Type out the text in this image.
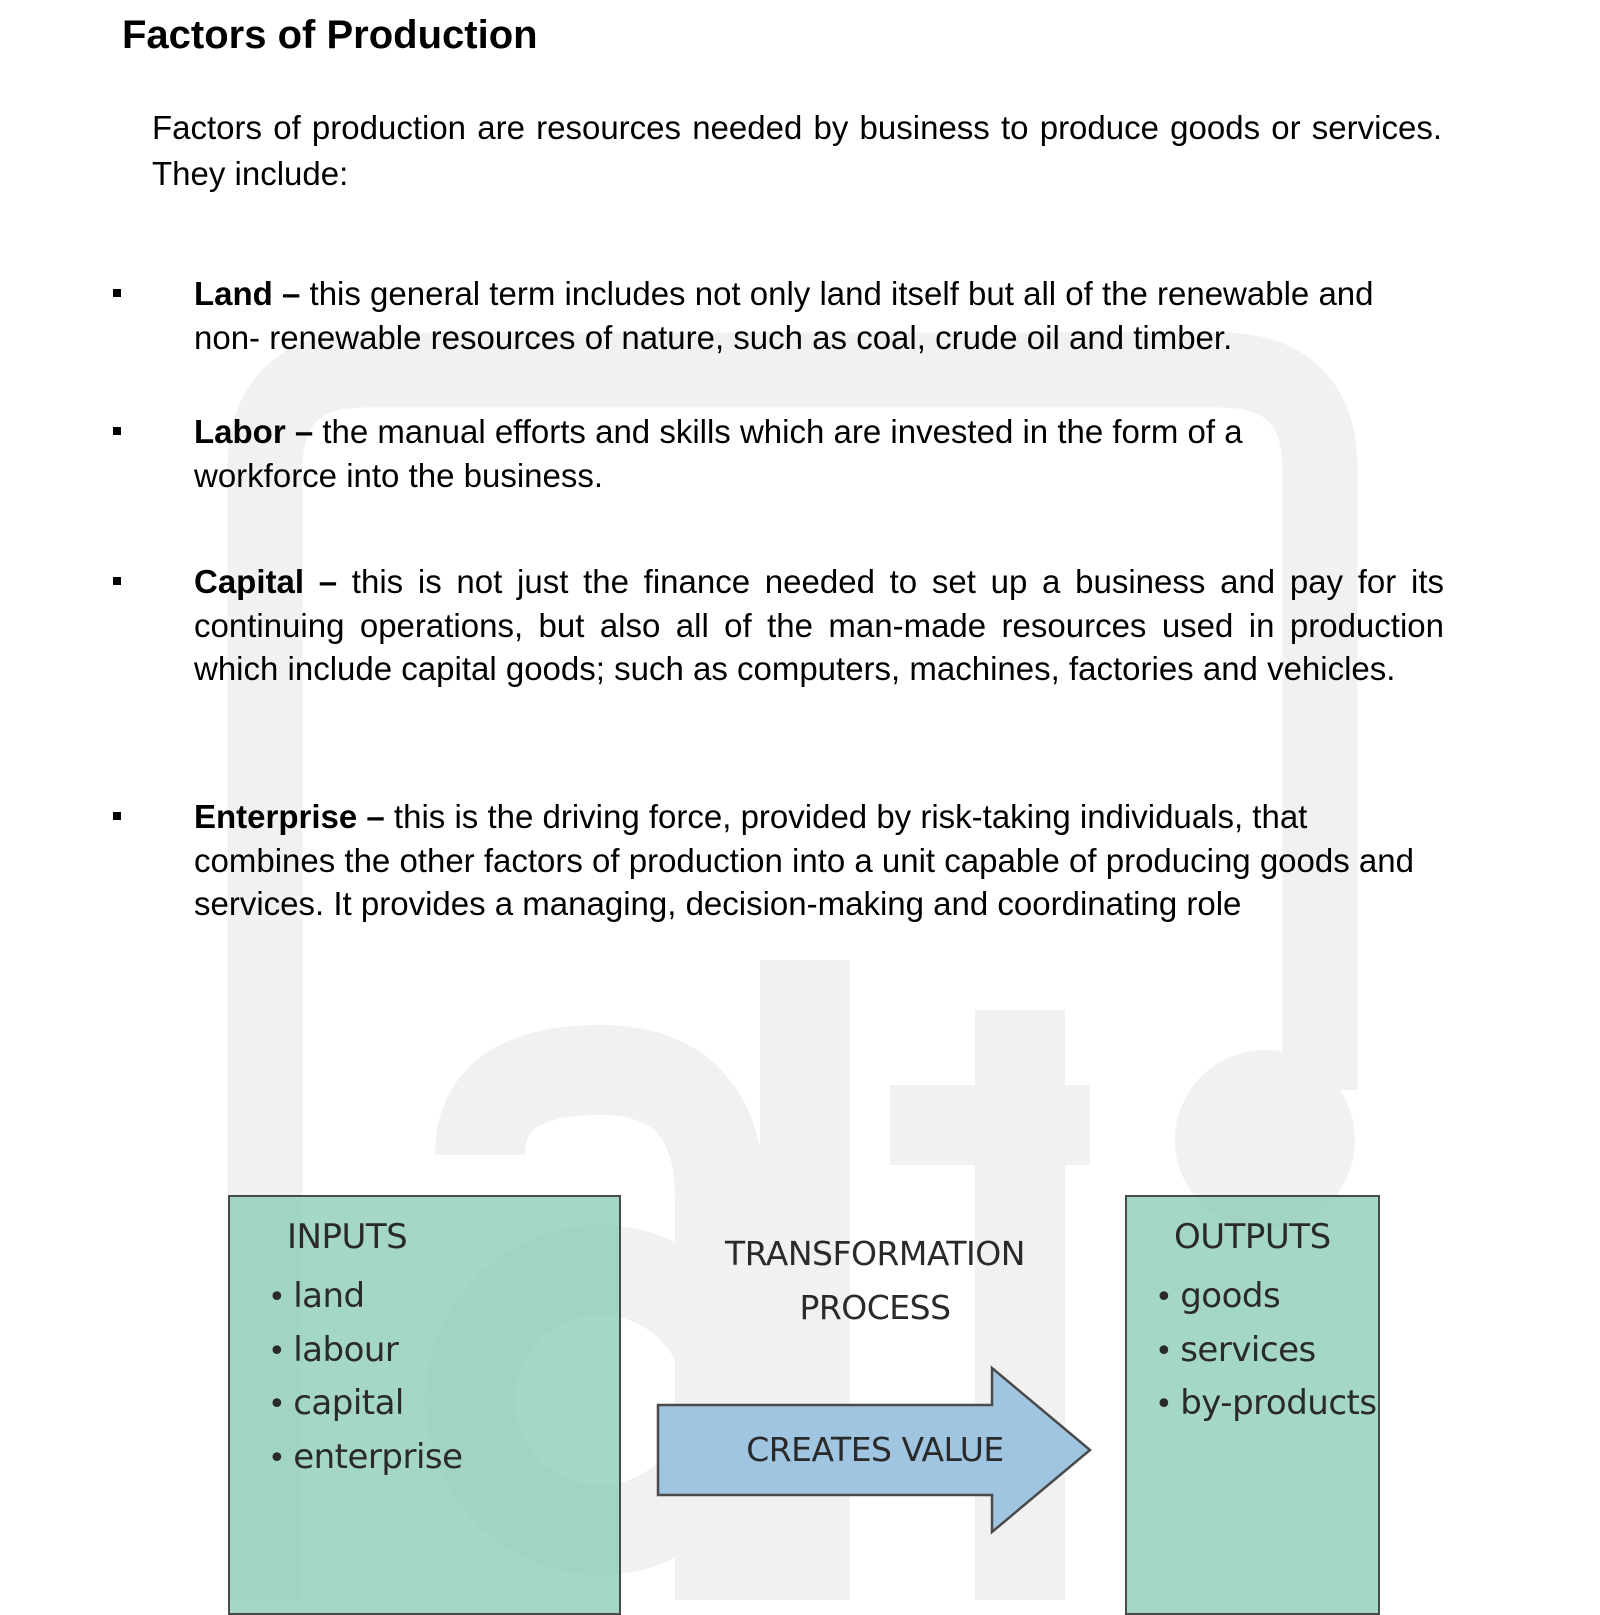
Factors of Production

Factors of production are resources needed by business to produce goods or services. They include:

Land – this general term includes not only land itself but all of the renewable and non- renewable resources of nature, such as coal, crude oil and timber.

Labor – the manual efforts and skills which are invested in the form of a workforce into the business.

Capital – this is not just the finance needed to set up a business and pay for its continuing operations, but also all of the man-made resources used in production which include capital goods; such as computers, machines, factories and vehicles.

Enterprise – this is the driving force, provided by risk-taking individuals, that combines the other factors of production into a unit capable of producing goods and services. It provides a managing, decision-making and coordinating role

INPUTS
• land
• labour
• capital
• enterprise
TRANSFORMATION
PROCESS
CREATES VALUE
OUTPUTS
• goods
• services
• by-products
